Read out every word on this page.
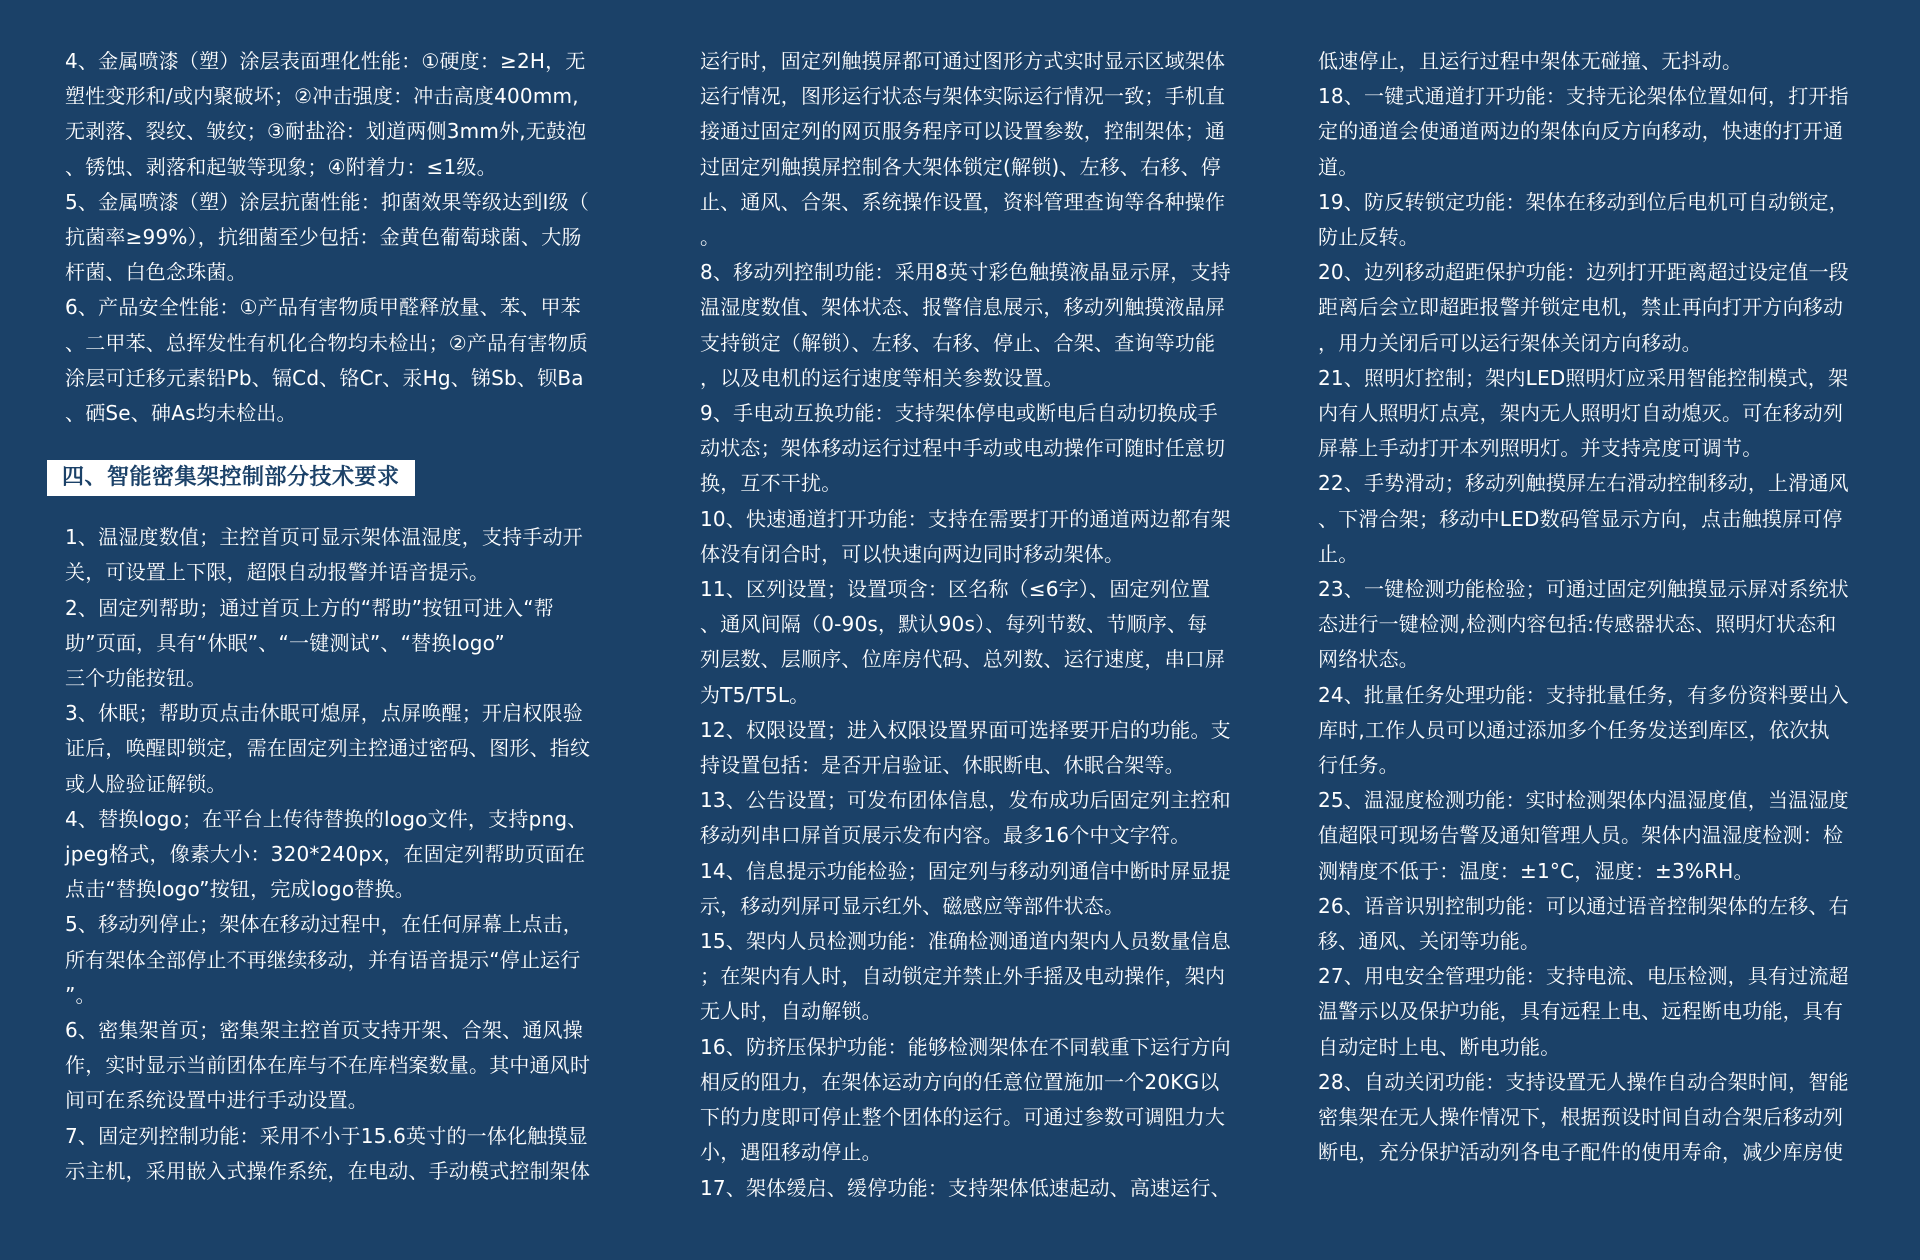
4、金属喷漆（塑）涂层表面理化性能：①硬度：≥2H，无
塑性变形和/或内聚破坏；②冲击强度：冲击高度400mm,
无剥落、裂纹、皱纹；③耐盐浴：划道两侧3mm外,无鼓泡
、锈蚀、剥落和起皱等现象；④附着力：≤1级。

5、金属喷漆（塑）涂层抗菌性能：抑菌效果等级达到Ⅰ级（
抗菌率≥99%），抗细菌至少包括：金黄色葡萄球菌、大肠
杆菌、白色念珠菌。

6、产品安全性能：①产品有害物质甲醛释放量、苯、甲苯
、二甲苯、总挥发性有机化合物均未检出；②产品有害物质
涂层可迁移元素铅Pb、镉Cd、铬Cr、汞Hg、锑Sb、钡Ba
、硒Se、砷As均未检出。

四、智能密集架控制部分技术要求

1、温湿度数值；主控首页可显示架体温湿度，支持手动开
关，可设置上下限，超限自动报警并语音提示。

2、固定列帮助；通过首页上方的“帮助”按钮可进入“帮
助”页面，具有“休眠”、“一键测试”、“替换logo”
三个功能按钮。

3、休眠；帮助页点击休眠可熄屏，点屏唤醒；开启权限验
证后，唤醒即锁定，需在固定列主控通过密码、图形、指纹
或人脸验证解锁。

4、替换logo；在平台上传待替换的logo文件，支持png、
jpeg格式，像素大小：320*240px，在固定列帮助页面在
点击“替换logo”按钮，完成logo替换。

5、移动列停止；架体在移动过程中，在任何屏幕上点击，
所有架体全部停止不再继续移动，并有语音提示“停止运行
”。

6、密集架首页；密集架主控首页支持开架、合架、通风操
作，实时显示当前团体在库与不在库档案数量。其中通风时
间可在系统设置中进行手动设置。

7、固定列控制功能：采用不小于15.6英寸的一体化触摸显
示主机，采用嵌入式操作系统，在电动、手动模式控制架体

运行时，固定列触摸屏都可通过图形方式实时显示区域架体
运行情况，图形运行状态与架体实际运行情况一致；手机直
接通过固定列的网页服务程序可以设置参数，控制架体；通
过固定列触摸屏控制各大架体锁定(解锁)、左移、右移、停
止、通风、合架、系统操作设置，资料管理查询等各种操作
。

8、移动列控制功能：采用8英寸彩色触摸液晶显示屏，支持
温湿度数值、架体状态、报警信息展示，移动列触摸液晶屏
支持锁定（解锁）、左移、右移、停止、合架、查询等功能
，以及电机的运行速度等相关参数设置。

9、手电动互换功能：支持架体停电或断电后自动切换成手
动状态；架体移动运行过程中手动或电动操作可随时任意切
换，互不干扰。

10、快速通道打开功能：支持在需要打开的通道两边都有架
体没有闭合时，可以快速向两边同时移动架体。

11、区列设置；设置项含：区名称（≤6字）、固定列位置
、通风间隔（0-90s，默认90s）、每列节数、节顺序、每
列层数、层顺序、位库房代码、总列数、运行速度，串口屏
为T5/T5L。

12、权限设置；进入权限设置界面可选择要开启的功能。支
持设置包括：是否开启验证、休眠断电、休眠合架等。

13、公告设置；可发布团体信息，发布成功后固定列主控和
移动列串口屏首页展示发布内容。最多16个中文字符。

14、信息提示功能检验；固定列与移动列通信中断时屏显提
示，移动列屏可显示红外、磁感应等部件状态。

15、架内人员检测功能：准确检测通道内架内人员数量信息
；在架内有人时，自动锁定并禁止外手摇及电动操作，架内
无人时，自动解锁。

16、防挤压保护功能：能够检测架体在不同载重下运行方向
相反的阻力，在架体运动方向的任意位置施加一个20KG以
下的力度即可停止整个团体的运行。可通过参数可调阻力大
小，遇阻移动停止。

17、架体缓启、缓停功能：支持架体低速起动、高速运行、

低速停止，且运行过程中架体无碰撞、无抖动。

18、一键式通道打开功能：支持无论架体位置如何，打开指
定的通道会使通道两边的架体向反方向移动，快速的打开通
道。

19、防反转锁定功能：架体在移动到位后电机可自动锁定，
防止反转。

20、边列移动超距保护功能：边列打开距离超过设定值一段
距离后会立即超距报警并锁定电机，禁止再向打开方向移动
，用力关闭后可以运行架体关闭方向移动。

21、照明灯控制；架内LED照明灯应采用智能控制模式，架
内有人照明灯点亮，架内无人照明灯自动熄灭。可在移动列
屏幕上手动打开本列照明灯。并支持亮度可调节。

22、手势滑动；移动列触摸屏左右滑动控制移动，上滑通风
、下滑合架；移动中LED数码管显示方向，点击触摸屏可停
止。

23、一键检测功能检验；可通过固定列触摸显示屏对系统状
态进行一键检测,检测内容包括:传感器状态、照明灯状态和
网络状态。

24、批量任务处理功能：支持批量任务，有多份资料要出入
库时,工作人员可以通过添加多个任务发送到库区，依次执
行任务。

25、温湿度检测功能：实时检测架体内温湿度值，当温湿度
值超限可现场告警及通知管理人员。架体内温湿度检测：检
测精度不低于：温度：±1°C，湿度：±3%RH。

26、语音识别控制功能：可以通过语音控制架体的左移、右
移、通风、关闭等功能。

27、用电安全管理功能：支持电流、电压检测，具有过流超
温警示以及保护功能，具有远程上电、远程断电功能，具有
自动定时上电、断电功能。

28、自动关闭功能：支持设置无人操作自动合架时间，智能
密集架在无人操作情况下，根据预设时间自动合架后移动列
断电，充分保护活动列各电子配件的使用寿命，减少库房使
